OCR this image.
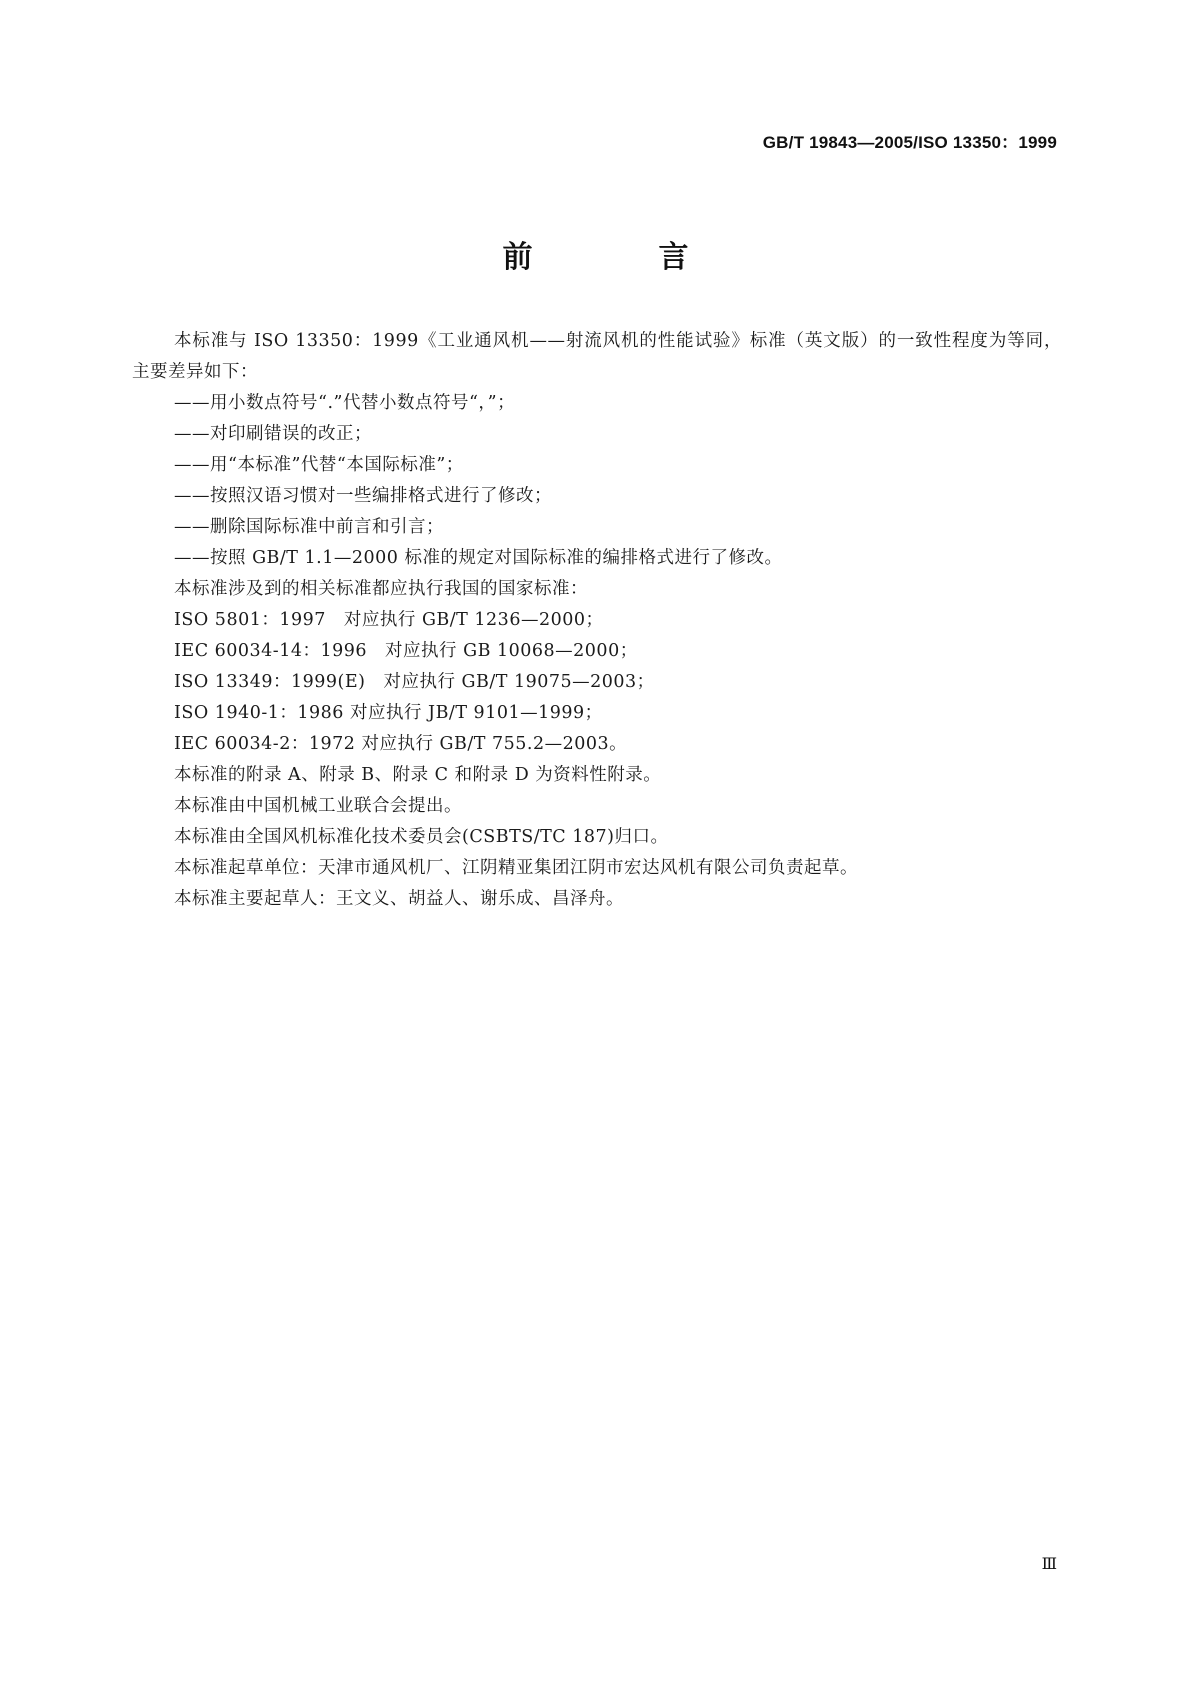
GB/T 19843—2005/ISO 13350：1999
前　言

本标准与 ISO 13350：1999《工业通风机——射流风机的性能试验》标准（英文版）的一致性程度为等同，主要差异如下：

——用小数点符号“.”代替小数点符号“，”；

——对印刷错误的改正；

——用“本标准”代替“本国际标准”；

——按照汉语习惯对一些编排格式进行了修改；

——删除国际标准中前言和引言；

——按照 GB/T 1.1—2000 标准的规定对国际标准的编排格式进行了修改。

本标准涉及到的相关标准都应执行我国的国家标准：

ISO 5801：1997　对应执行 GB/T 1236—2000；

IEC 60034-14：1996　对应执行 GB 10068—2000；

ISO 13349：1999(E)　对应执行 GB/T 19075—2003；

ISO 1940-1：1986 对应执行 JB/T 9101—1999；

IEC 60034-2：1972 对应执行 GB/T 755.2—2003。

本标准的附录 A、附录 B、附录 C 和附录 D 为资料性附录。

本标准由中国机械工业联合会提出。

本标准由全国风机标准化技术委员会(CSBTS/TC 187)归口。

本标准起草单位：天津市通风机厂、江阴精亚集团江阴市宏达风机有限公司负责起草。

本标准主要起草人：王文义、胡益人、谢乐成、昌泽舟。

Ⅲ
